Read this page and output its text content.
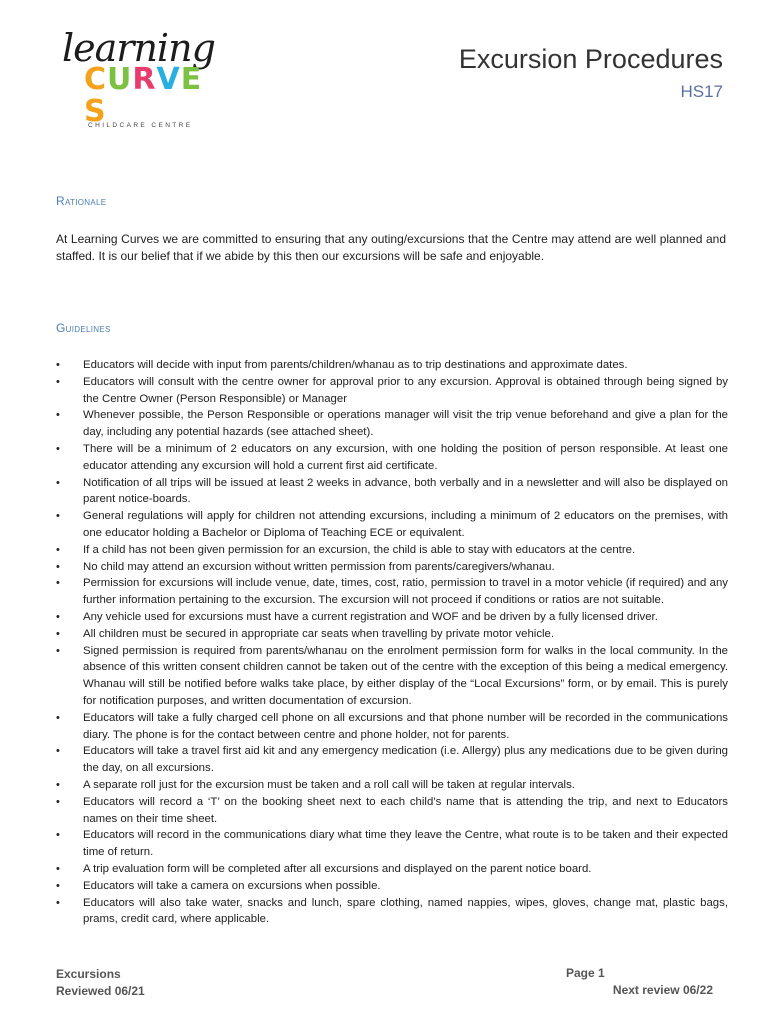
learning
CURVES
CHILDCARE CENTRE
Excursion Procedures
HS17
Rationale

At Learning Curves we are committed to ensuring that any outing/excursions that the Centre may attend are well planned and staffed. It is our belief that if we abide by this then our excursions will be safe and enjoyable.

Guidelines
• Educators will decide with input from parents/children/whanau as to trip destinations and approximate dates.
• Educators will consult with the centre owner for approval prior to any excursion. Approval is obtained through being signed by the Centre Owner (Person Responsible) or Manager
• Whenever possible, the Person Responsible or operations manager will visit the trip venue beforehand and give a plan for the day, including any potential hazards (see attached sheet).
• There will be a minimum of 2 educators on any excursion, with one holding the position of person responsible. At least one educator attending any excursion will hold a current first aid certificate.
• Notification of all trips will be issued at least 2 weeks in advance, both verbally and in a newsletter and will also be displayed on parent notice-boards.
• General regulations will apply for children not attending excursions, including a minimum of 2 educators on the premises, with one educator holding a Bachelor or Diploma of Teaching ECE or equivalent.
• If a child has not been given permission for an excursion, the child is able to stay with educators at the centre.
• No child may attend an excursion without written permission from parents/caregivers/whanau.
• Permission for excursions will include venue, date, times, cost, ratio, permission to travel in a motor vehicle (if required) and any further information pertaining to the excursion. The excursion will not proceed if conditions or ratios are not suitable.
• Any vehicle used for excursions must have a current registration and WOF and be driven by a fully licensed driver.
• All children must be secured in appropriate car seats when travelling by private motor vehicle.
• Signed permission is required from parents/whanau on the enrolment permission form for walks in the local community. In the absence of this written consent children cannot be taken out of the centre with the exception of this being a medical emergency. Whanau will still be notified before walks take place, by either display of the “Local Excursions” form, or by email. This is purely for notification purposes, and written documentation of excursion.
• Educators will take a fully charged cell phone on all excursions and that phone number will be recorded in the communications diary. The phone is for the contact between centre and phone holder, not for parents.
• Educators will take a travel first aid kit and any emergency medication (i.e. Allergy) plus any medications due to be given during the day, on all excursions.
• A separate roll just for the excursion must be taken and a roll call will be taken at regular intervals.
• Educators will record a ‘T’ on the booking sheet next to each child’s name that is attending the trip, and next to Educators names on their time sheet.
• Educators will record in the communications diary what time they leave the Centre, what route is to be taken and their expected time of return.
• A trip evaluation form will be completed after all excursions and displayed on the parent notice board.
• Educators will take a camera on excursions when possible.
• Educators will also take water, snacks and lunch, spare clothing, named nappies, wipes, gloves, change mat, plastic bags, prams, credit card, where applicable.
Excursions
Reviewed 06/21
Page 1
Next review 06/22
